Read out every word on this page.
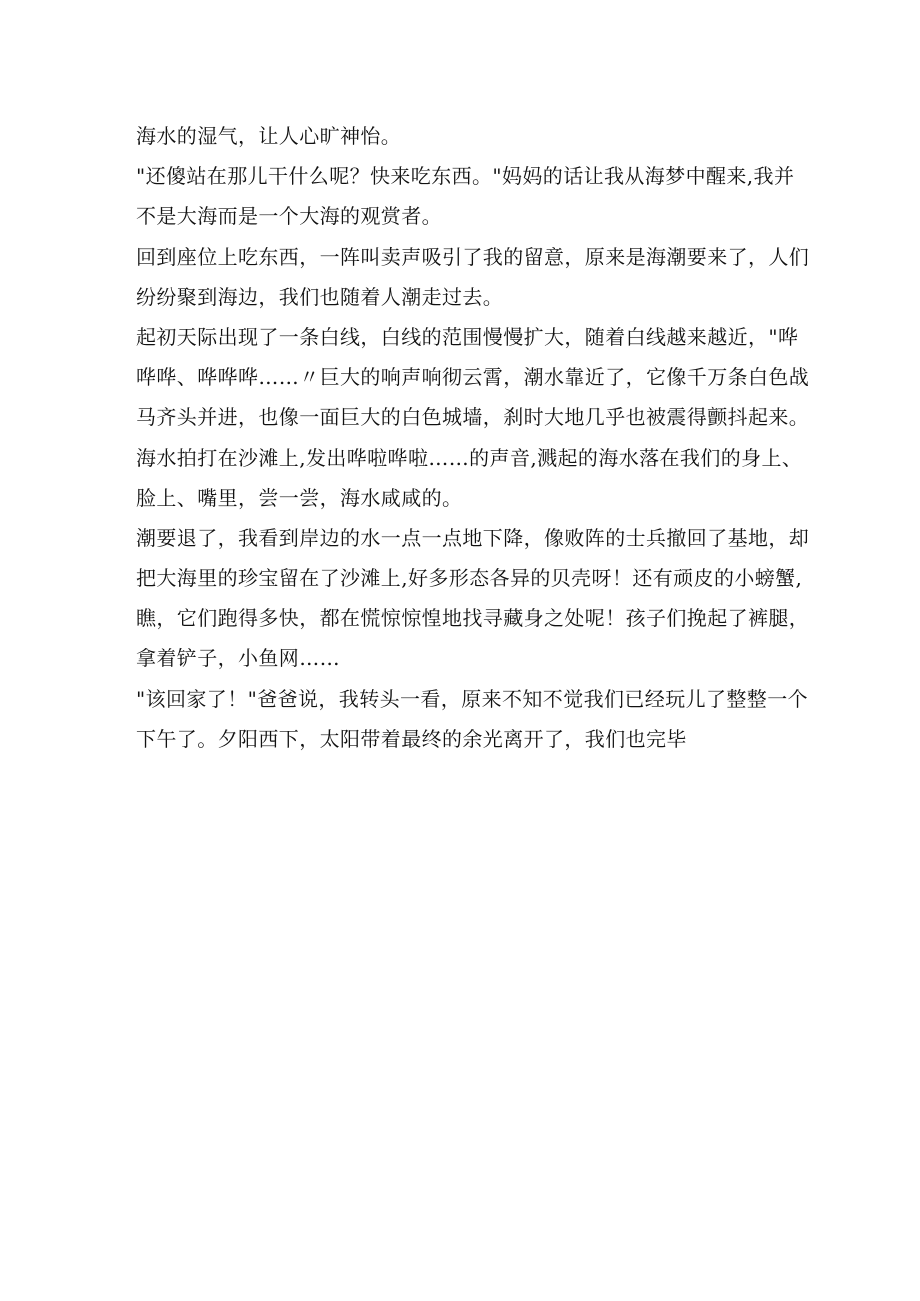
海水的湿气，让人心旷神怡。
"还傻站在那儿干什么呢？快来吃东西。"妈妈的话让我从海梦中醒来,我并
不是大海而是一个大海的观赏者。
回到座位上吃东西，一阵叫卖声吸引了我的留意，原来是海潮要来了，人们
纷纷聚到海边，我们也随着人潮走过去。
起初天际出现了一条白线，白线的范围慢慢扩大，随着白线越来越近，"哗
哗哗、哗哗哗……〃巨大的响声响彻云霄，潮水靠近了，它像千万条白色战
马齐头并进，也像一面巨大的白色城墙，刹时大地几乎也被震得颤抖起来。
海水拍打在沙滩上,发出哗啦哗啦……的声音,溅起的海水落在我们的身上、
脸上、嘴里，尝一尝，海水咸咸的。
潮要退了，我看到岸边的水一点一点地下降，像败阵的士兵撤回了基地，却
把大海里的珍宝留在了沙滩上,好多形态各异的贝壳呀！还有顽皮的小螃蟹,
瞧，它们跑得多快，都在慌惊惊惶地找寻藏身之处呢！孩子们挽起了裤腿，
拿着铲子，小鱼网……
"该回家了！"爸爸说，我转头一看，原来不知不觉我们已经玩儿了整整一个
下午了。夕阳西下，太阳带着最终的余光离开了，我们也完毕
